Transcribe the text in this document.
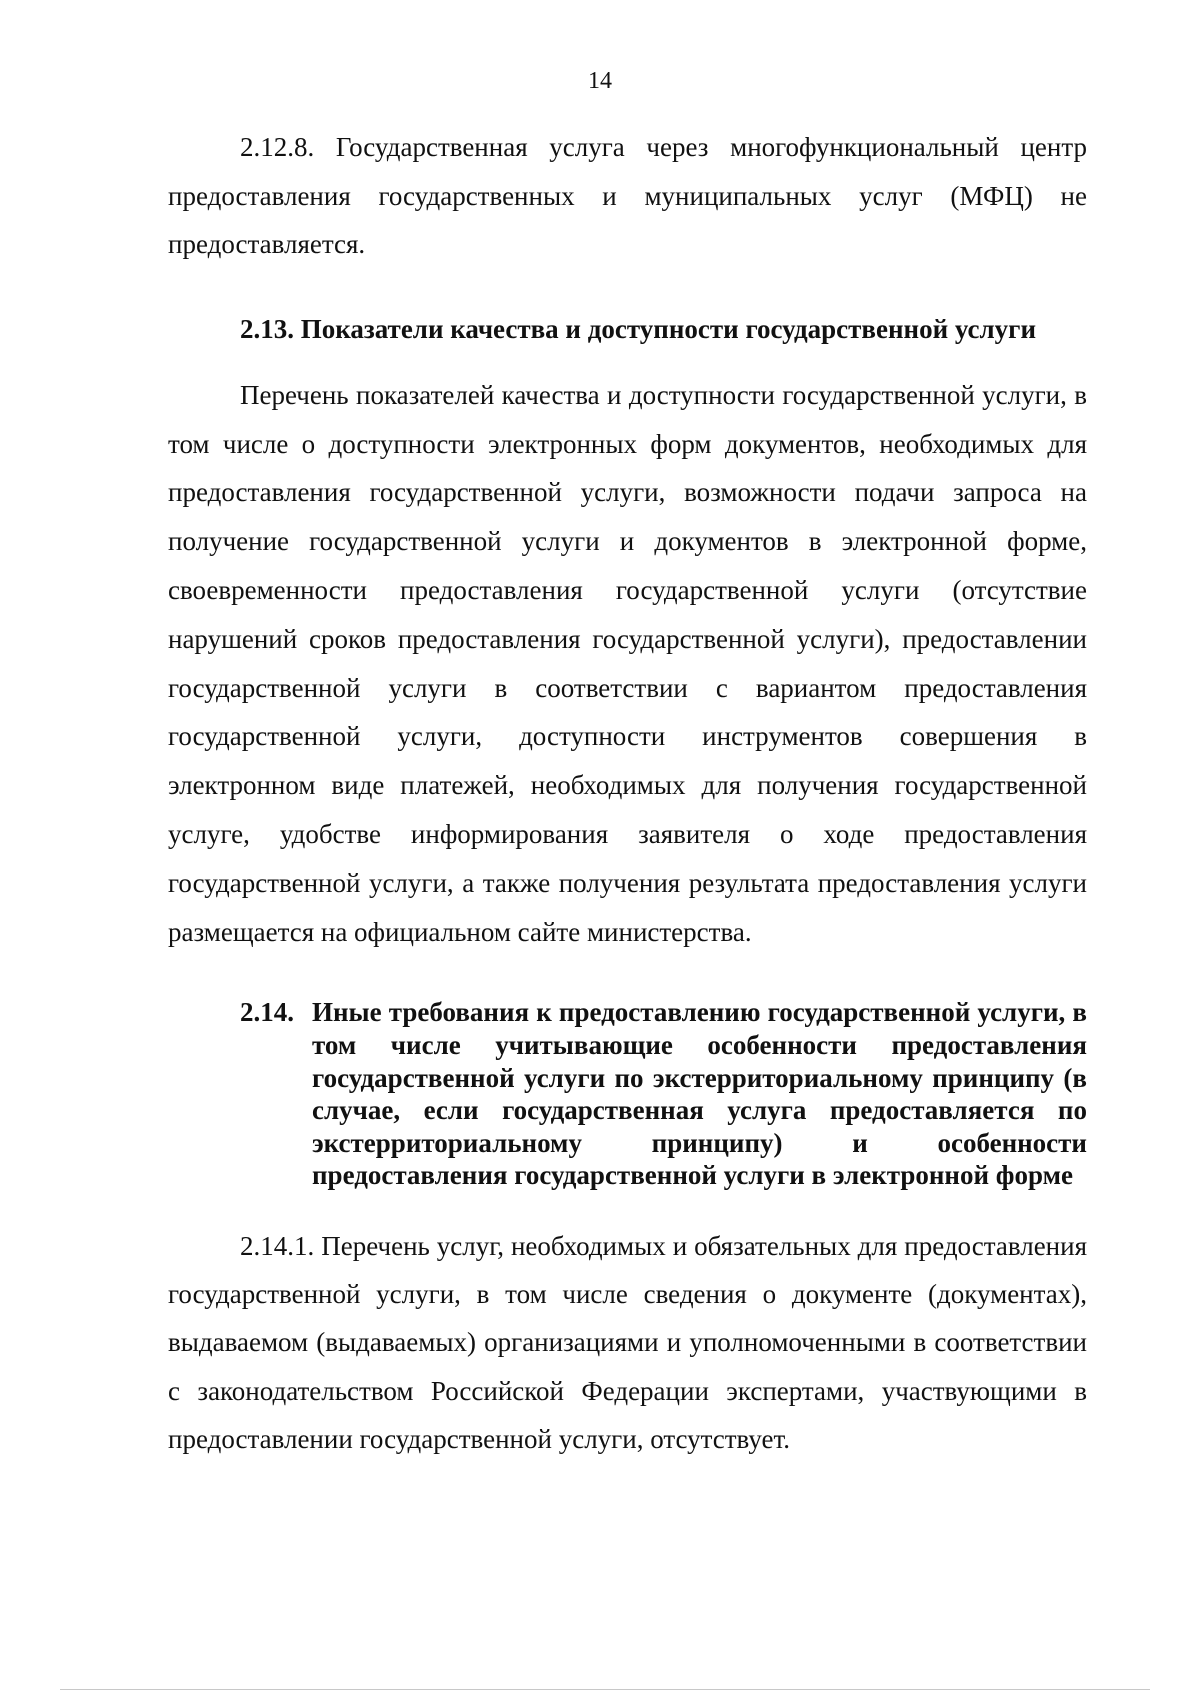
14

2.12.8. Государственная услуга через многофункциональный центр предоставления государственных и муниципальных услуг (МФЦ) не предоставляется.

2.13. Показатели качества и доступности государственной услуги

Перечень показателей качества и доступности государственной услуги, в том числе о доступности электронных форм документов, необходимых для предоставления государственной услуги, возможности подачи запроса на получение государственной услуги и документов в электронной форме, своевременности предоставления государственной услуги (отсутствие нарушений сроков предоставления государственной услуги), предоставлении государственной услуги в соответствии с вариантом предоставления государственной услуги, доступности инструментов совершения в электронном виде платежей, необходимых для получения государственной услуге, удобстве информирования заявителя о ходе предоставления государственной услуги, а также получения результата предоставления услуги размещается на официальном сайте министерства.

2.14. Иные требования к предоставлению государственной услуги, в том числе учитывающие особенности предоставления государственной услуги по экстерриториальному принципу (в случае, если государственная услуга предоставляется по экстерриториальному принципу) и особенности предоставления государственной услуги в электронной форме

2.14.1. Перечень услуг, необходимых и обязательных для предоставления государственной услуги, в том числе сведения о документе (документах), выдаваемом (выдаваемых) организациями и уполномоченными в соответствии с законодательством Российской Федерации экспертами, участвующими в предоставлении государственной услуги, отсутствует.
